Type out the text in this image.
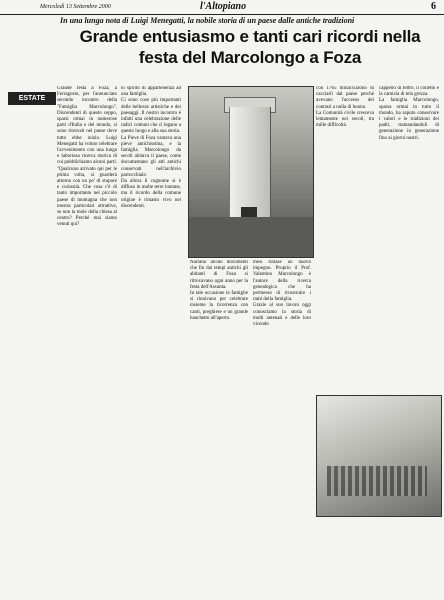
Mercoledì 13 Settembre 2000	l'Altopiano	6
In una lunga nota di Luigi Menegatti, la nobile storia di un paese dalle antiche tradizioni
Grande entusiasmo e tanti cari ricordi nella festa del Marcolongo a Foza
ESTATE
Grande festa a Foza, a Ferragosto, per l'annunciato secondo incontro della "Famiglia Marcolongo". Discendenti di questo ceppo, sparsi ormai in numerose parti d'Italia e del mondo, si sono ritrovati nel paese dove tutto ebbe inizio. Luigi Menegatti ha voluto celebrare l'avvenimento con una lunga e laboriosa ricerca storica di cui pubblichiamo alcuni parti.
"Qualcuno arrivato qui per le prima volta, si guarderà attorno con un po' di stupore e curiosità. Che cosa c'è di tanto importante nel piccolo paese di montagna che non mostra particolari attrattive, se non la mole della chiesa al centro? Perché mai siamo venuti qui?
lo spirito di appartenenza ad una famiglia.
Ci sono cose più importanti delle bellezze artistiche e dei paesaggi. Il nostro incontro è infatti una celebrazione delle radici comuni che ci legano a questo luogo e alla sua storia.
La Pieve di Foza vantava una pieve antichissima, e la famiglia Marcolongo da secoli abitava il paese, come documentano gli atti antichi conservati nell'archivio parrocchiale.
Da allora il cognome si è diffuso in molte terre lontane, ma il ricordo della comune origine è rimasto vivo nei discendenti.
Narrano alcuni documenti che fin dai tempi antichi gli abitanti di Foza si ritrovavano ogni anno per la festa dell'Assunta.
In tale occasione le famiglie si riunivano per celebrare insieme la ricorrenza con canti, preghiere e un grande banchetto all'aperto.
mesi rimase un nuovo impegno. Proprio il Prof. Valentino Marcolongo è l'autore della ricerca genealogica che ha permesso di ricostruire i rami della famiglia.
Grazie al suo lavoro oggi conosciamo la storia di molti antenati e delle loro vicende.
con 1765 minacciarono di cacciarli dal paese perché avevano l'accesso dei contrari a nulla di buono.
La Comunità civile cresceva lentamente nei secoli, tra mille difficoltà.
cappello di feltro, il colletto e la camicia di tela grezza.
La famiglia Marcolongo, sparsa ormai in tutto il mondo, ha saputo conservare i valori e le tradizioni dei padri, tramandandoli di generazione in generazione fino ai giorni nostri.
